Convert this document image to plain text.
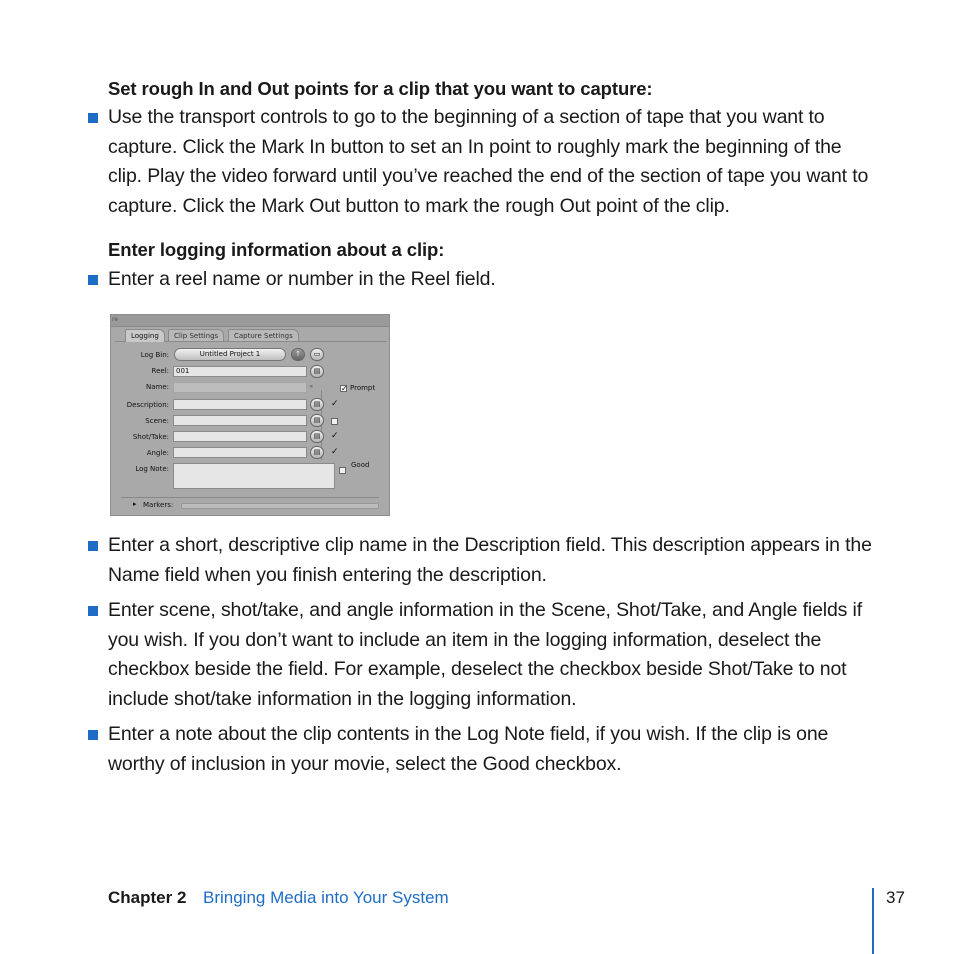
Set rough In and Out points for a clip that you want to capture:
Use the transport controls to go to the beginning of a section of tape that you want to capture. Click the Mark In button to set an In point to roughly mark the beginning of the clip. Play the video forward until you’ve reached the end of the section of tape you want to capture. Click the Mark Out button to mark the rough Out point of the clip.
Enter logging information about a clip:
Enter a reel name or number in the Reel field.
re
Logging	Clip Settings	Capture Settings
Log Bin:	Untitled Project 1	↑	▭
Reel:	001	▤
Name:	◂	✓ Prompt
Description:	▤	✓
Scene:	▤
Shot/Take:	▤	✓
Angle:	▤	✓
Log Note:	Good
▸ Markers:
Enter a short, descriptive clip name in the Description field. This description appears in the Name field when you finish entering the description.
Enter scene, shot/take, and angle information in the Scene, Shot/Take, and Angle fields if you wish. If you don’t want to include an item in the logging information, deselect the checkbox beside the field. For example, deselect the checkbox beside Shot/Take to not include shot/take information in the logging information.
Enter a note about the clip contents in the Log Note field, if you wish. If the clip is one worthy of inclusion in your movie, select the Good checkbox.
Chapter 2 Bringing Media into Your System	37
